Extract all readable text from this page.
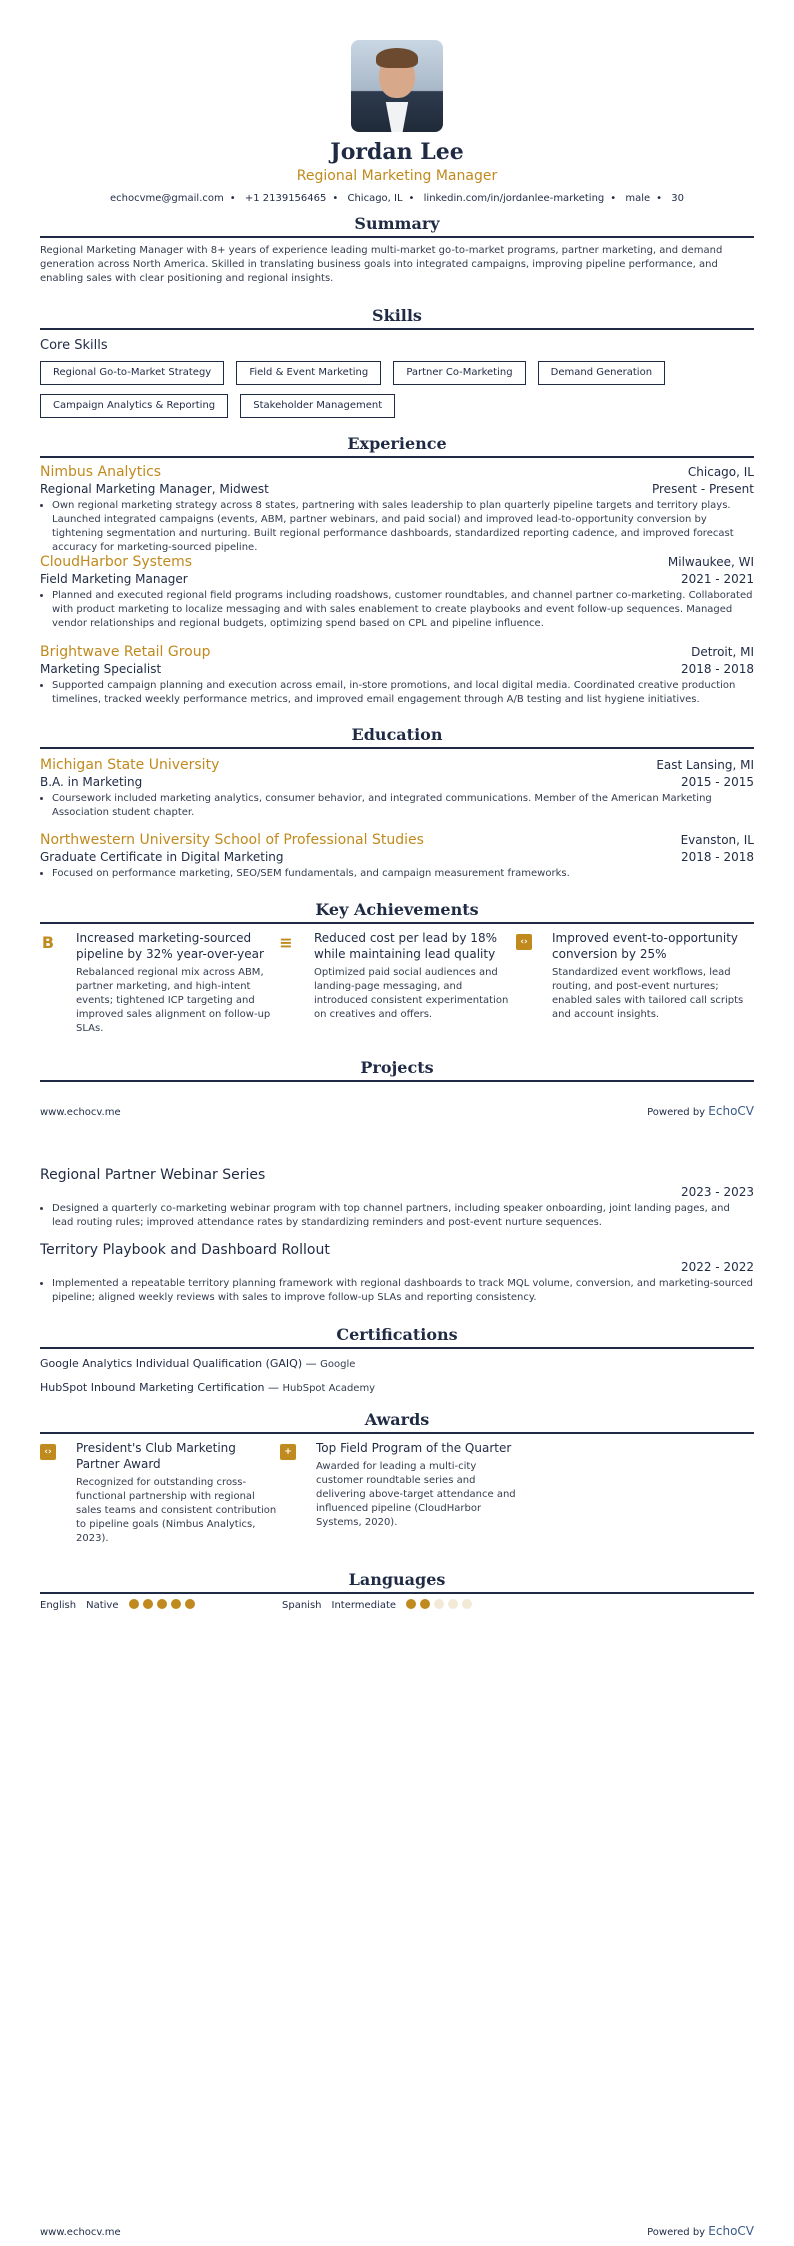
Jordan Lee
Regional Marketing Manager
echocvme@gmail.com • +1 2139156465 • Chicago, IL • linkedin.com/in/jordanlee-marketing • male • 30
Summary
Regional Marketing Manager with 8+ years of experience leading multi-market go-to-market programs, partner marketing, and demand generation across North America. Skilled in translating business goals into integrated campaigns, improving pipeline performance, and enabling sales with clear positioning and regional insights.
Skills
Core Skills
Regional Go-to-Market Strategy	Field & Event Marketing	Partner Co-Marketing	Demand Generation
Campaign Analytics & Reporting	Stakeholder Management
Experience
Nimbus Analytics	Chicago, IL
Regional Marketing Manager, Midwest	Present - Present
• Own regional marketing strategy across 8 states, partnering with sales leadership to plan quarterly pipeline targets and territory plays. Launched integrated campaigns (events, ABM, partner webinars, and paid social) and improved lead-to-opportunity conversion by tightening segmentation and nurturing. Built regional performance dashboards, standardized reporting cadence, and improved forecast accuracy for marketing-sourced pipeline.
CloudHarbor Systems	Milwaukee, WI
Field Marketing Manager	2021 - 2021
• Planned and executed regional field programs including roadshows, customer roundtables, and channel partner co-marketing. Collaborated with product marketing to localize messaging and with sales enablement to create playbooks and event follow-up sequences. Managed vendor relationships and regional budgets, optimizing spend based on CPL and pipeline influence.
Brightwave Retail Group	Detroit, MI
Marketing Specialist	2018 - 2018
• Supported campaign planning and execution across email, in-store promotions, and local digital media. Coordinated creative production timelines, tracked weekly performance metrics, and improved email engagement through A/B testing and list hygiene initiatives.
Education
Michigan State University	East Lansing, MI
B.A. in Marketing	2015 - 2015
• Coursework included marketing analytics, consumer behavior, and integrated communications. Member of the American Marketing Association student chapter.
Northwestern University School of Professional Studies	Evanston, IL
Graduate Certificate in Digital Marketing	2018 - 2018
• Focused on performance marketing, SEO/SEM fundamentals, and campaign measurement frameworks.
Key Achievements
B Increased marketing-sourced pipeline by 32% year-over-year
Rebalanced regional mix across ABM, partner marketing, and high-intent events; tightened ICP targeting and improved sales alignment on follow-up SLAs.
≡ Reduced cost per lead by 18% while maintaining lead quality
Optimized paid social audiences and landing-page messaging, and introduced consistent experimentation on creatives and offers.
‹›	Improved event-to-opportunity conversion by 25%
Standardized event workflows, lead routing, and post-event nurtures; enabled sales with tailored call scripts and account insights.
Projects
www.echocv.me	Powered by EchoCV
Regional Partner Webinar Series
2023 - 2023
• Designed a quarterly co-marketing webinar program with top channel partners, including speaker onboarding, joint landing pages, and lead routing rules; improved attendance rates by standardizing reminders and post-event nurture sequences.
Territory Playbook and Dashboard Rollout
2022 - 2022
• Implemented a repeatable territory planning framework with regional dashboards to track MQL volume, conversion, and marketing-sourced pipeline; aligned weekly reviews with sales to improve follow-up SLAs and reporting consistency.
Certifications
Google Analytics Individual Qualification (GAIQ) — Google
HubSpot Inbound Marketing Certification — HubSpot Academy
Awards
‹›	President's Club Marketing Partner Award
Recognized for outstanding cross-functional partnership with regional sales teams and consistent contribution to pipeline goals (Nimbus Analytics, 2023).
+	Top Field Program of the Quarter
Awarded for leading a multi-city customer roundtable series and delivering above-target attendance and influenced pipeline (CloudHarbor Systems, 2020).
Languages
English Native	Spanish Intermediate
www.echocv.me	Powered by EchoCV
